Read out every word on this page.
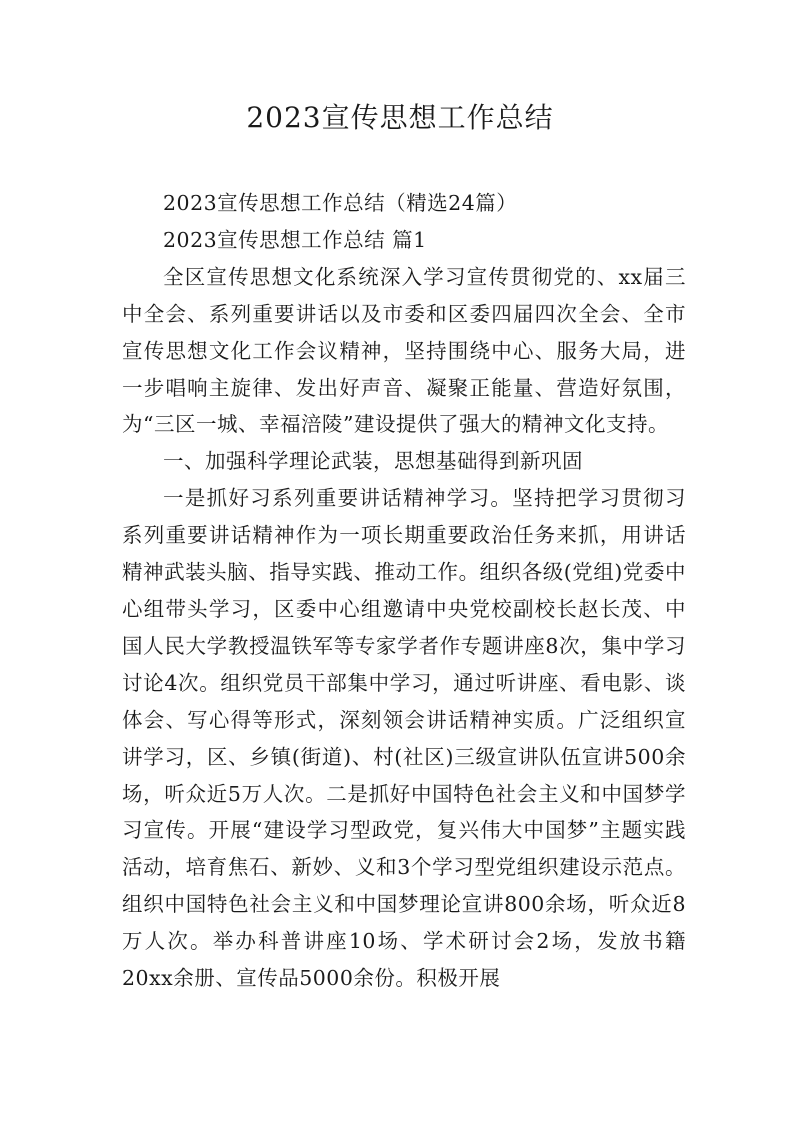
2023宣传思想工作总结

2023宣传思想工作总结（精选24篇）

2023宣传思想工作总结 篇1

全区宣传思想文化系统深入学习宣传贯彻党的、xx届三中全会、系列重要讲话以及市委和区委四届四次全会、全市宣传思想文化工作会议精神，坚持围绕中心、服务大局，进一步唱响主旋律、发出好声音、凝聚正能量、营造好氛围，为“三区一城、幸福涪陵”建设提供了强大的精神文化支持。

一、加强科学理论武装，思想基础得到新巩固

一是抓好习系列重要讲话精神学习。坚持把学习贯彻习系列重要讲话精神作为一项长期重要政治任务来抓，用讲话精神武装头脑、指导实践、推动工作。组织各级(党组)党委中心组带头学习，区委中心组邀请中央党校副校长赵长茂、中国人民大学教授温铁军等专家学者作专题讲座8次，集中学习讨论4次。组织党员干部集中学习，通过听讲座、看电影、谈体会、写心得等形式，深刻领会讲话精神实质。广泛组织宣讲学习，区、乡镇(街道)、村(社区)三级宣讲队伍宣讲500余场，听众近5万人次。二是抓好中国特色社会主义和中国梦学习宣传。开展“建设学习型政党，复兴伟大中国梦”主题实践活动，培育焦石、新妙、义和3个学习型党组织建设示范点。组织中国特色社会主义和中国梦理论宣讲800余场，听众近8万人次。举办科普讲座10场、学术研讨会2场，发放书籍20xx余册、宣传品5000余份。积极开展
